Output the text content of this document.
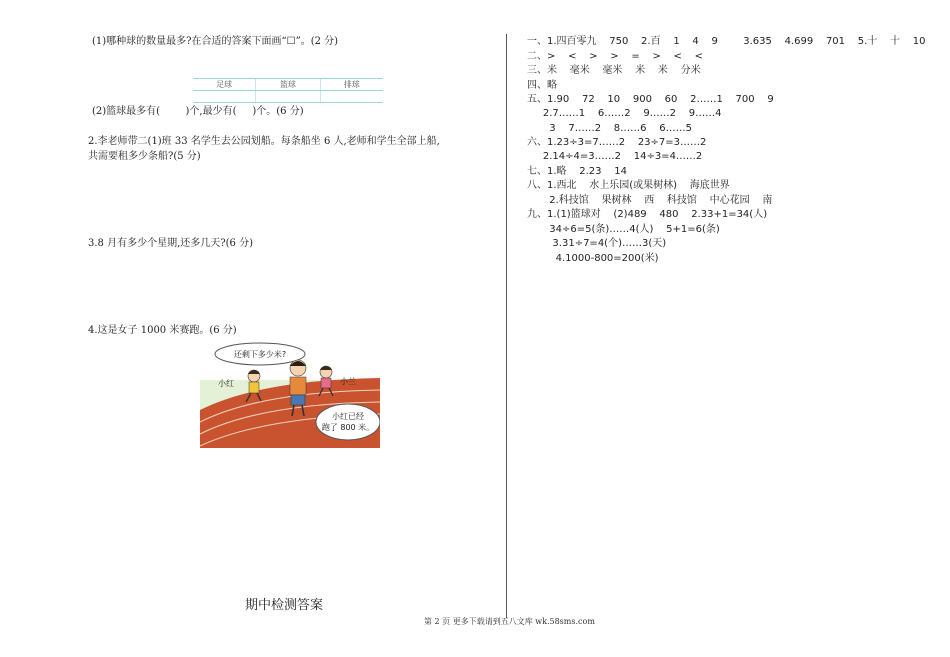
(1)哪种球的数量最多?在合适的答案下面画“☐”。(2 分)
足球	篮球	排球

(2)篮球最多有(        )个,最少有(     )个。(6 分)
2.李老师带二(1)班 33 名学生去公园划船。每条船坐 6 人,老师和学生全部上船,
共需要租多少条船?(5 分)
3.8 月有多少个星期,还多几天?(6 分)
4.这是女子 1000 米赛跑。(6 分)
还剩下多少米?
小红已经
跑了 800 米。
小红	小兰
一、1.四百零九    750    2.百    1    4    9        3.635    4.699    701    5.十    十    10
二、>    <    >    >    =    >    <    <
三、米    毫米    毫米    米    米    分米
四、略
五、1.90    72    10    900    60    2……1    700    9
2.7……1    6……2    9……2    9……4
3    7……2    8……6    6……5
六、1.23÷3=7……2    23÷7=3……2
2.14÷4=3……2    14÷3=4……2
七、1.略    2.23    14
八、1.西北    水上乐园(或果树林)    海底世界
2.科技馆    果树林    西    科技馆    中心花园    南
九、1.(1)篮球对    (2)489    480    2.33+1=34(人)
34÷6=5(条)……4(人)    5+1=6(条)
3.31÷7=4(个)……3(天)
4.1000-800=200(米)
期中检测答案
第 2 页 更多下载请到五八文库 wk.58sms.com
